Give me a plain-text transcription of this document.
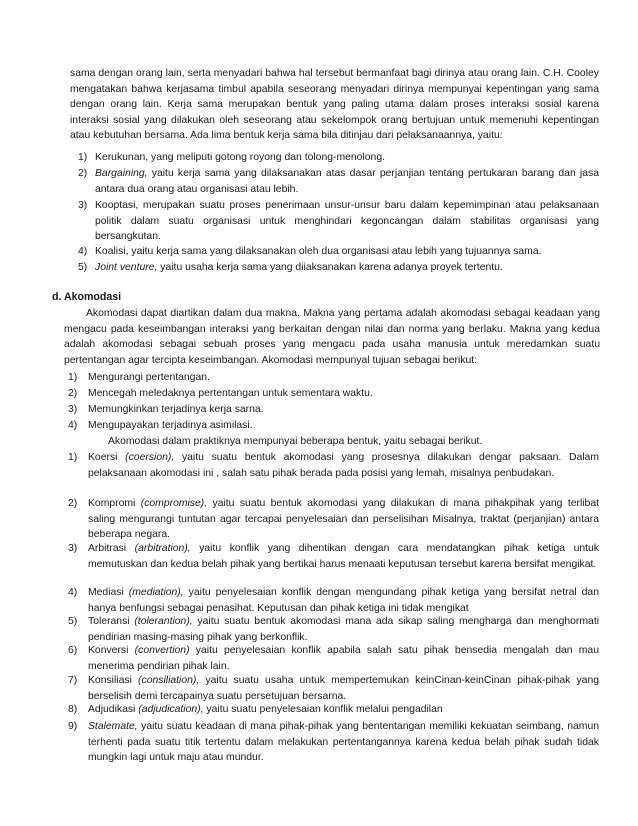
sama dengan orang lain, serta menyadari bahwa hal tersebut bermanfaat bagi dirinya atau orang lain. C.H. Cooley mengatakan bahwa kerjasama timbul apabila seseorang menyadari dirinya mempunyai kepentingan yang sama dengan orang lain. Kerja sama merupakan bentuk yang paling utama dalam proses interaksi sosial karena interaksi sosial yang dilakukan oleh seseorang atau sekelompok orang bertujuan untuk memenuhi kepentingan atau kebutuhan bersama. Ada lima bentuk kerja sama bila ditinjau dari pelaksanaannya, yaitu:

1) Kerukunan, yang meliputi gotong royong dan tolong-menolong.
2) Bargaining, yaitu kerja sama yang dilaksanakan atas dasar perjanjian tentang pertukaran barang dan jasa antara dua orang atau organisasi atau lebih.
3) Kooptasi, merupakan suatu proses penerimaan unsur-unsur baru dalam kepemimpinan atau pelaksanaan politik dalam suatu organisasi untuk menghindari kegoncangan dalam stabilitas organisasi yang bersangkutan.
4) Koalisi, yaitu kerja sama yang dilaksanakan oleh dua organisasi atau lebih yang tujuannya sama.
5) Joint venture, yaitu usaha kerja sama yang diiaksanakan karena adanya proyek tertentu.
d. Akomodasi

Akomodasi dapat diartikan dalam dua makna. Makna yang pertama adalah akomodasi sebagai keadaan yang mengacu pada keseimbangan interaksi yang berkaitan dengan nilai dan norma yang berlaku. Makna yang kedua adalah akomodasi sebagai sebuah proses yang mengacu pada usaha manusia untuk meredamkan suatu pertentangan agar tercipta keseimbangan. Akomodasi mempunyal tujuan sebagai berikut:

1) Mengurangi pertentangan.
2) Mencegah meledaknya pertentangan untuk sementara waktu.
3) Memungkinkan terjadinya kerja sarna.
4) Mengupayakan terjadinya asimilasi.
Akomodasi dalam praktiknya mempunyai beberapa bentuk, yaitu sebagai berikut.
1) Koersi (coersion), yaitu suatu bentuk akomodasi yang prosesnya dilakukan dengar paksaan. Dalam pelaksanaan akomodasi ini , salah satu pihak berada pada posisi yang lemah, misalnya penbudakan.
2) Kompromi (compromise), yaitu suatu bentuk akomodasi yang dilakukan di mana pihakpihak yang terlibat saling mengurangi tuntutan agar tercapai penyelesaian dan perselisihan Misalnya, traktat (perjanjian) antara beberapa negara.
3) Arbitrasi (arbitration), yaitu konflik yang dihentikan dengan cara mendatangkan pihak ketiga untuk memutuskan dan kedua belah pihak yang bertikai harus menaati keputusan tersebut karena bersifat mengikat.
4) Mediasi (mediation), yaitu penyelesaian konflik dengan mengundang pihak ketiga yang bersifat netral dan hanya benfungsi sebagai penasihat. Keputusan dan pihak ketiga ini tidak mengikat
5) Toleransi (tolerantion), yaitu suatu bentuk akomodasi mana ada sikap saling mengharga dan menghormati pendirian masing-masing pihak yang berkonflik.
6) Konversi (convertion) yaitu penyelesaian konflik apabila salah satu pihak bensedia mengalah dan mau menerima pendirian pihak lain.
7) Konsiliasi (consiliation), yaitu suatu usaha untuk mempertemukan keinCinan-keinCinan pihak-pihak yang berselisih demi tercapainya suatu persetujuan bersarna.
8) Adjudikasi (adjudication), yaitu suatu penyelesaian konflik melalui pengadilan
9) Stalemate, yaitu suatu keadaan di mana pihak-pihak yang bententangan memiliki kekuatan seimbang, namun terhenti pada suatu titik tertentu dalam melakukan pertentangannya karena kedua belah pihak sudah tidak mungkin lagi untuk maju atau mundur.
